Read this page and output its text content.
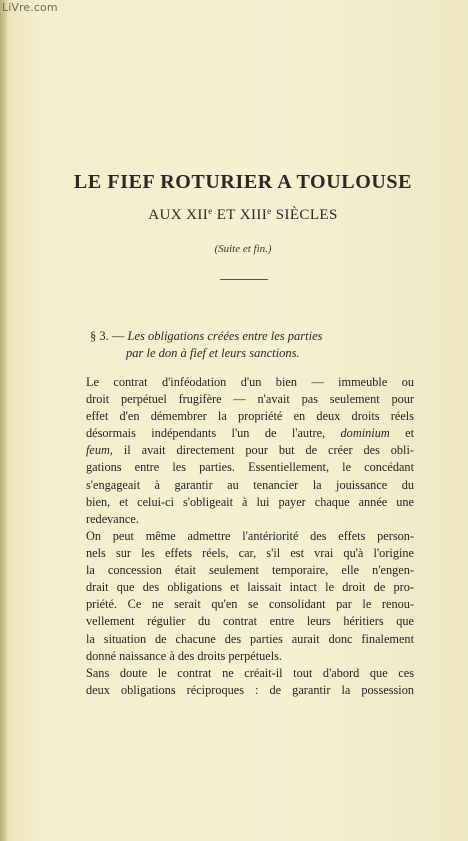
LiVre.com
LE FIEF ROTURIER A TOULOUSE
AUX XIIe ET XIIIe SIÈCLES
(Suite et fin.)
§ 3. — Les obligations créées entre les parties
par le don à fief et leurs sanctions.
Le contrat d'inféodation d'un bien — immeuble ou
droit perpétuel frugifère — n'avait pas seulement pour
effet d'en démembrer la propriété en deux droits réels
désormais indépendants l'un de l'autre, dominium et
feum, il avait directement pour but de créer des obli-
gations entre les parties. Essentiellement, le concédant
s'engageait à garantir au tenancier la jouissance du
bien, et celui-ci s'obligeait à lui payer chaque année une
redevance.
On peut même admettre l'antériorité des effets person-
nels sur les effets réels, car, s'il est vrai qu'à l'origine
la concession était seulement temporaire, elle n'engen-
drait que des obligations et laissait intact le droit de pro-
priété. Ce ne serait qu'en se consolidant par le renou-
vellement régulier du contrat entre leurs héritiers que
la situation de chacune des parties aurait donc finalement
donné naissance à des droits perpétuels.
Sans doute le contrat ne créait-il tout d'abord que ces
deux obligations réciproques : de garantir la possession
